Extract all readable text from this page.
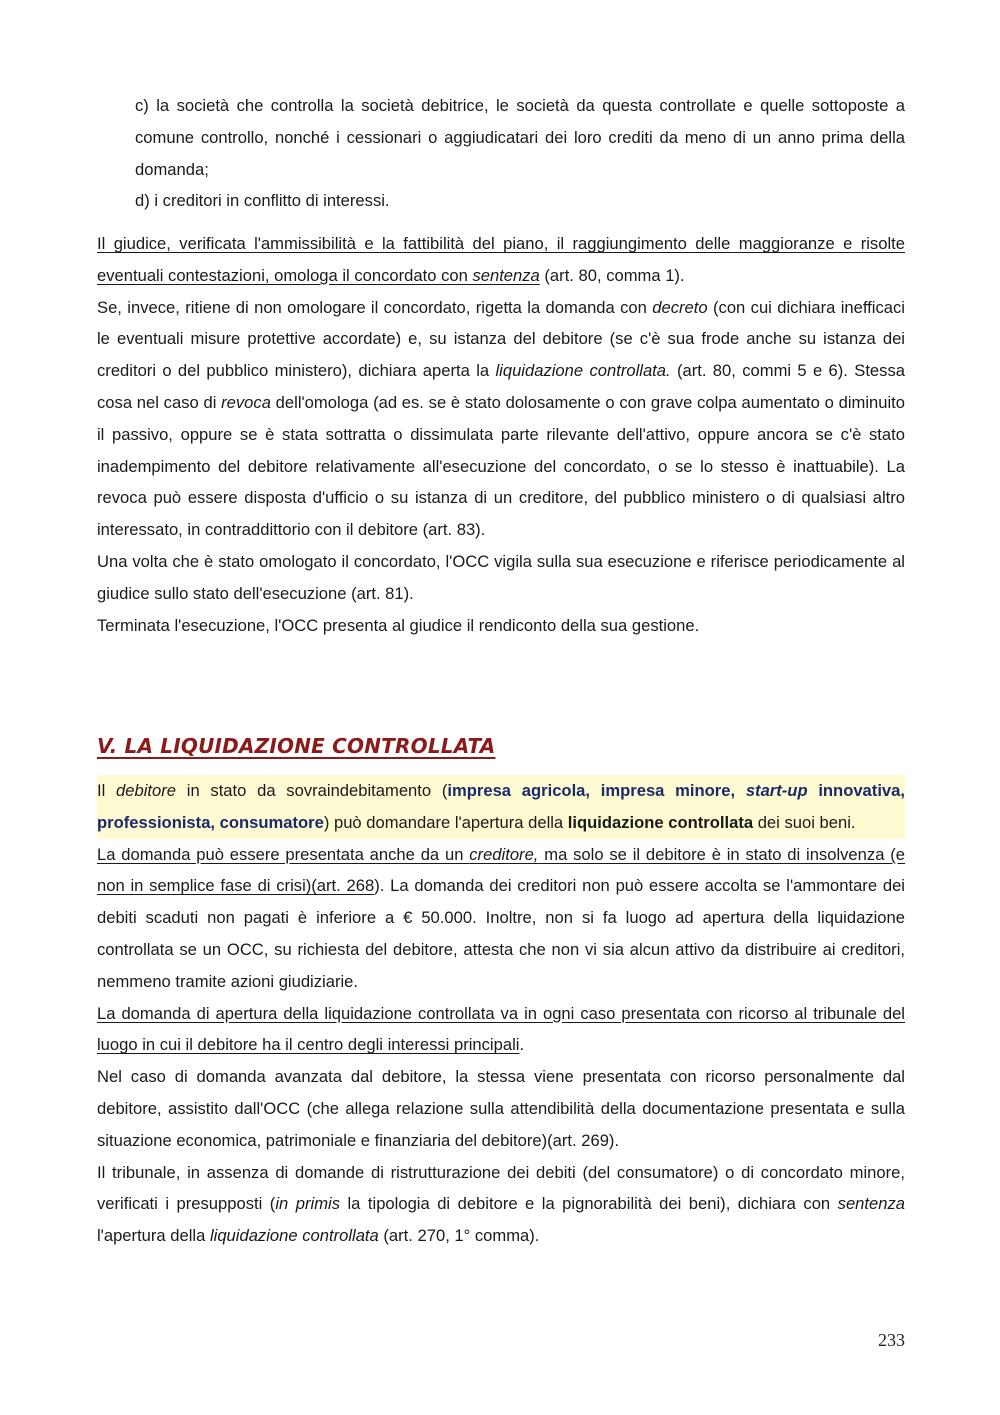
c) la società che controlla la società debitrice, le società da questa controllate e quelle sottoposte a comune controllo, nonché i cessionari o aggiudicatari dei loro crediti da meno di un anno prima della domanda;

d) i creditori in conflitto di interessi.

Il giudice, verificata l'ammissibilità e la fattibilità del piano, il raggiungimento delle maggioranze e risolte eventuali contestazioni, omologa il concordato con sentenza (art. 80, comma 1).

Se, invece, ritiene di non omologare il concordato, rigetta la domanda con decreto (con cui dichiara inefficaci le eventuali misure protettive accordate) e, su istanza del debitore (se c'è sua frode anche su istanza dei creditori o del pubblico ministero), dichiara aperta la liquidazione controllata. (art. 80, commi 5 e 6). Stessa cosa nel caso di revoca dell'omologa (ad es. se è stato dolosamente o con grave colpa aumentato o diminuito il passivo, oppure se è stata sottratta o dissimulata parte rilevante dell'attivo, oppure ancora se c'è stato inadempimento del debitore relativamente all'esecuzione del concordato, o se lo stesso è inattuabile). La revoca può essere disposta d'ufficio o su istanza di un creditore, del pubblico ministero o di qualsiasi altro interessato, in contraddittorio con il debitore (art. 83).

Una volta che è stato omologato il concordato, l'OCC vigila sulla sua esecuzione e riferisce periodicamente al giudice sullo stato dell'esecuzione (art. 81).

Terminata l'esecuzione, l'OCC presenta al giudice il rendiconto della sua gestione.

V. LA LIQUIDAZIONE CONTROLLATA

Il debitore in stato da sovraindebitamento (impresa agricola, impresa minore, start-up innovativa, professionista, consumatore) può domandare l'apertura della liquidazione controllata dei suoi beni.

La domanda può essere presentata anche da un creditore, ma solo se il debitore è in stato di insolvenza (e non in semplice fase di crisi)(art. 268). La domanda dei creditori non può essere accolta se l'ammontare dei debiti scaduti non pagati è inferiore a € 50.000. Inoltre, non si fa luogo ad apertura della liquidazione controllata se un OCC, su richiesta del debitore, attesta che non vi sia alcun attivo da distribuire ai creditori, nemmeno tramite azioni giudiziarie.

La domanda di apertura della liquidazione controllata va in ogni caso presentata con ricorso al tribunale del luogo in cui il debitore ha il centro degli interessi principali.

Nel caso di domanda avanzata dal debitore, la stessa viene presentata con ricorso personalmente dal debitore, assistito dall'OCC (che allega relazione sulla attendibilità della documentazione presentata e sulla situazione economica, patrimoniale e finanziaria del debitore)(art. 269).

Il tribunale, in assenza di domande di ristrutturazione dei debiti (del consumatore) o di concordato minore, verificati i presupposti (in primis la tipologia di debitore e la pignorabilità dei beni), dichiara con sentenza l'apertura della liquidazione controllata (art. 270, 1° comma).

233
